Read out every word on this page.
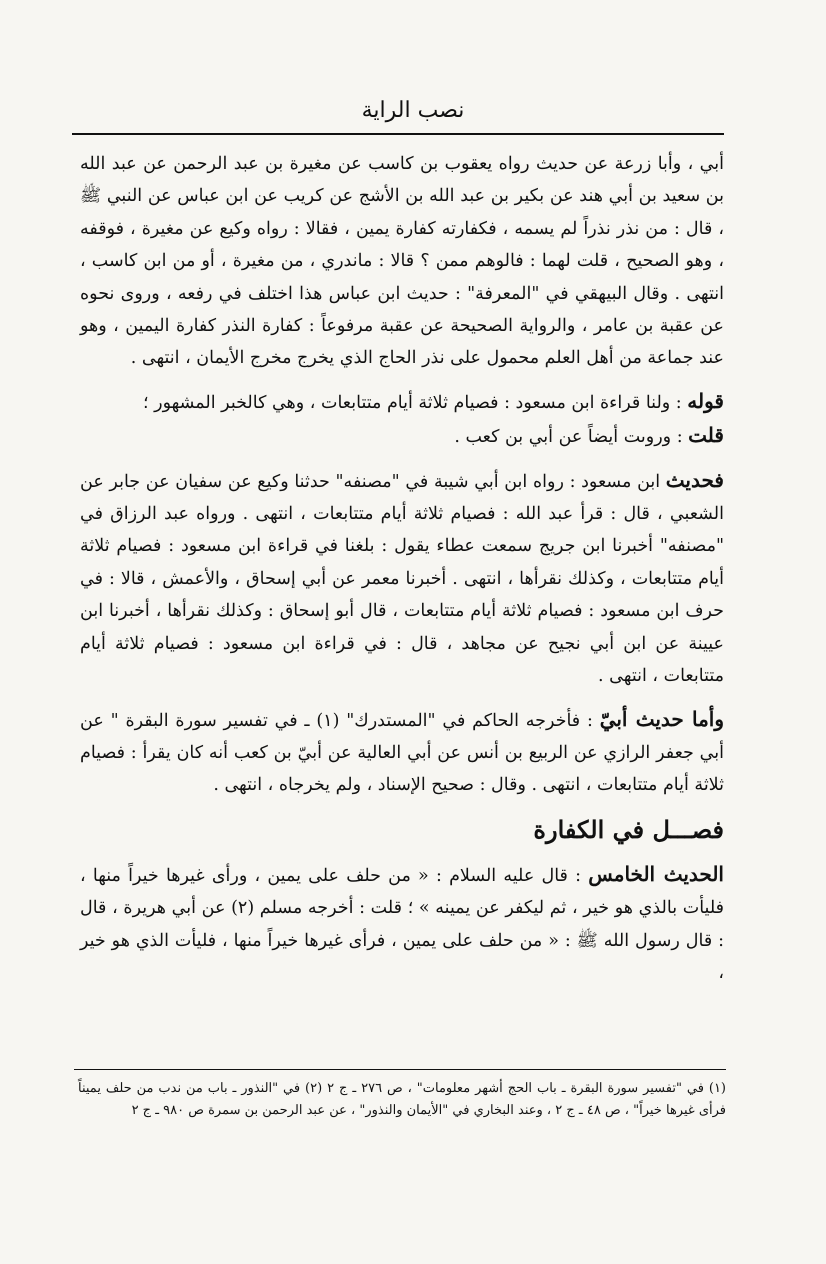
نصب الراية

أبي ، وأبا زرعة عن حديث رواه يعقوب بن كاسب عن مغيرة بن عبد الرحمن عن عبد الله بن سعيد بن أبي هند عن بكير بن عبد الله بن الأشج عن كريب عن ابن عباس عن النبي ﷺ ، قال : من نذر نذراً لم يسمه ، فكفارته كفارة يمين ، فقالا : رواه وكيع عن مغيرة ، فوقفه ، وهو الصحيح ، قلت لهما : فالوهم ممن ؟ قالا : ماندري ، من مغيرة ، أو من ابن كاسب ، انتهى . وقال البيهقي في "المعرفة" : حديث ابن عباس هذا اختلف في رفعه ، وروى نحوه عن عقبة بن عامر ، والرواية الصحيحة عن عقبة مرفوعاً : كفارة النذر كفارة اليمين ، وهو عند جماعة من أهل العلم محمول على نذر الحاج الذي يخرج مخرج الأيمان ، انتهى .

قوله : ولنا قراءة ابن مسعود : فصيام ثلاثة أيام متتابعات ، وهي كالخبر المشهور ؛

قلت : وروىت أيضاً عن أبي بن كعب .

فحديث ابن مسعود : رواه ابن أبي شيبة في "مصنفه" حدثنا وكيع عن سفيان عن جابر عن الشعبي ، قال : قرأ عبد الله : فصيام ثلاثة أيام متتابعات ، انتهى . ورواه عبد الرزاق في "مصنفه" أخبرنا ابن جريج سمعت عطاء يقول : بلغنا في قراءة ابن مسعود : فصيام ثلاثة أيام متتابعات ، وكذلك نقرأها ، انتهى . أخبرنا معمر عن أبي إسحاق ، والأعمش ، قالا : في حرف ابن مسعود : فصيام ثلاثة أيام متتابعات ، قال أبو إسحاق : وكذلك نقرأها ، أخبرنا ابن عيينة عن ابن أبي نجيح عن مجاهد ، قال : في قراءة ابن مسعود : فصيام ثلاثة أيام متتابعات ، انتهى .

وأما حديث أبيّ : فأخرجه الحاكم في "المستدرك" (١) ـ في تفسير سورة البقرة " عن أبي جعفر الرازي عن الربيع بن أنس عن أبي العالية عن أبيّ بن كعب أنه كان يقرأ : فصيام ثلاثة أيام متتابعات ، انتهى . وقال : صحيح الإسناد ، ولم يخرجاه ، انتهى .

فصـــل في الكفارة

الحديث الخامس : قال عليه السلام : « من حلف على يمين ، ورأى غيرها خيراً منها ، فليأت بالذي هو خير ، ثم ليكفر عن يمينه » ؛ قلت : أخرجه مسلم (٢) عن أبي هريرة ، قال : قال رسول الله ﷺ : « من حلف على يمين ، فرأى غيرها خيراً منها ، فليأت الذي هو خير ،

(١) في "تفسير سورة البقرة ـ باب الحج أشهر معلومات" ، ص ٢٧٦ ـ ج ٢ (٢) في "النذور ـ باب من ندب من حلف يميناً فرأى غيرها خيراً" ، ص ٤٨ ـ ج ٢ ، وعند البخاري في "الأيمان والنذور" ، عن عبد الرحمن بن سمرة ص ٩٨٠ ـ ج ٢
